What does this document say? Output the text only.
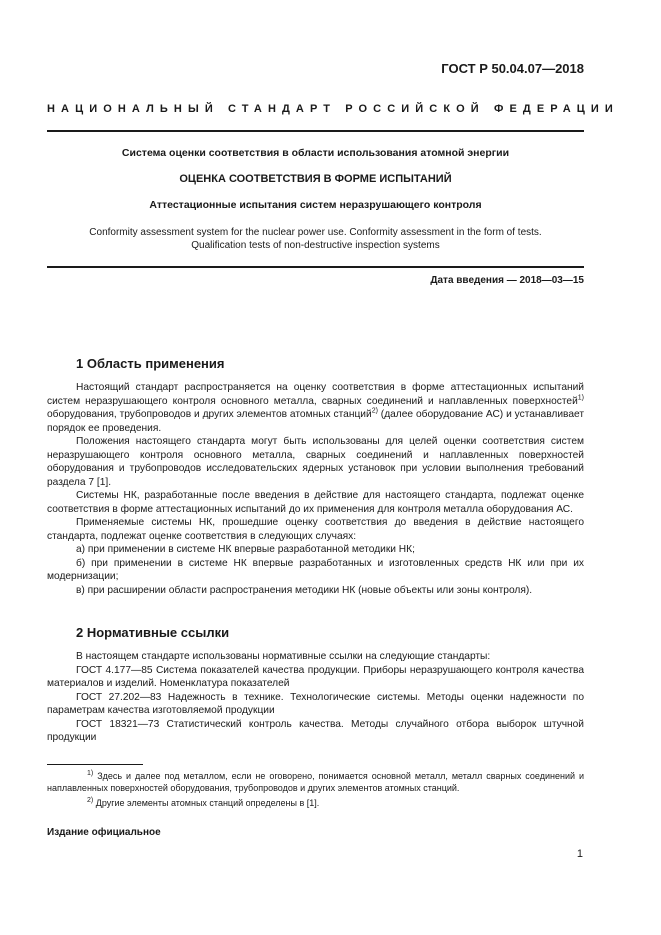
ГОСТ Р 50.04.07—2018
НАЦИОНАЛЬНЫЙ СТАНДАРТ РОССИЙСКОЙ ФЕДЕРАЦИИ
Система оценки соответствия в области использования атомной энергии
ОЦЕНКА СООТВЕТСТВИЯ В ФОРМЕ ИСПЫТАНИЙ
Аттестационные испытания систем неразрушающего контроля
Conformity assessment system for the nuclear power use. Conformity assessment in the form of tests.
Qualification tests of non-destructive inspection systems
Дата введения — 2018—03—15
1 Область применения

Настоящий стандарт распространяется на оценку соответствия в форме аттестационных испытаний систем неразрушающего контроля основного металла, сварных соединений и наплавленных поверхностей$^{1)}$ оборудования, трубопроводов и других элементов атомных станций$^{2)}$ (далее оборудование АС) и устанавливает порядок ее проведения.

Положения настоящего стандарта могут быть использованы для целей оценки соответствия систем неразрушающего контроля основного металла, сварных соединений и наплавленных поверхностей оборудования и трубопроводов исследовательских ядерных установок при условии выполнения требований раздела 7 [1].

Системы НК, разработанные после введения в действие для настоящего стандарта, подлежат оценке соответствия в форме аттестационных испытаний до их применения для контроля металла оборудования АС.

Применяемые системы НК, прошедшие оценку соответствия до введения в действие настоящего стандарта, подлежат оценке соответствия в следующих случаях:

а) при применении в системе НК впервые разработанной методики НК;

б) при применении в системе НК впервые разработанных и изготовленных средств НК или при их модернизации;

в) при расширении области распространения методики НК (новые объекты или зоны контроля).

2 Нормативные ссылки

В настоящем стандарте использованы нормативные ссылки на следующие стандарты:

ГОСТ 4.177—85 Система показателей качества продукции. Приборы неразрушающего контроля качества материалов и изделий. Номенклатура показателей

ГОСТ 27.202—83 Надежность в технике. Технологические системы. Методы оценки надежности по параметрам качества изготовляемой продукции

ГОСТ 18321—73 Статистический контроль качества. Методы случайного отбора выборок штучной продукции

$^{1)}$ Здесь и далее под металлом, если не оговорено, понимается основной металл, металл сварных соединений и наплавленных поверхностей оборудования, трубопроводов и других элементов атомных станций.

$^{2)}$ Другие элементы атомных станций определены в [1].

Издание официальное
1
